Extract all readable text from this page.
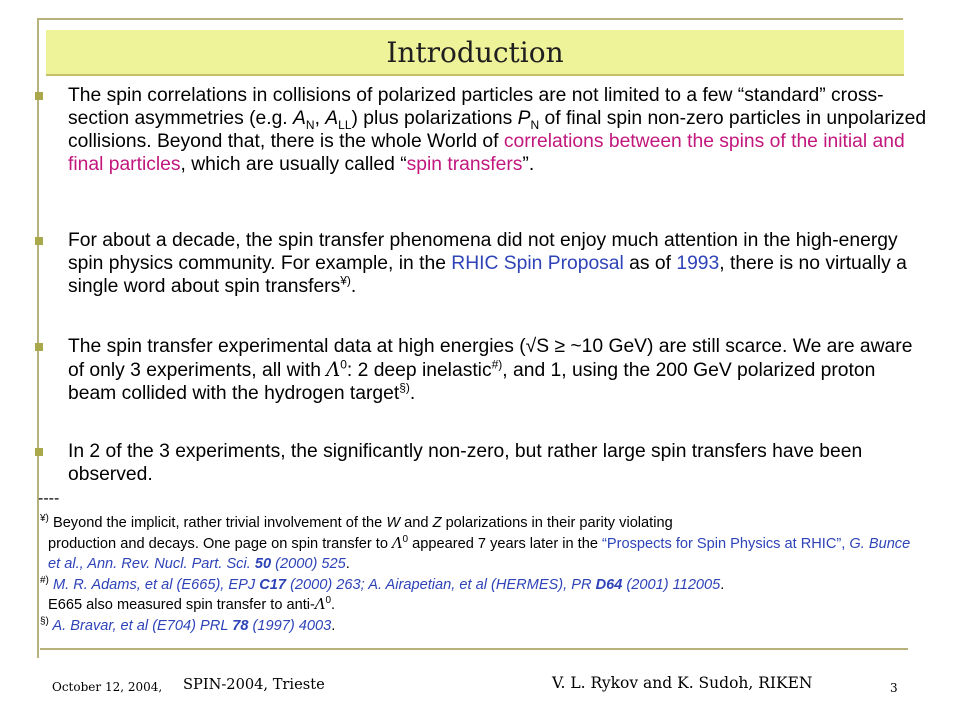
Introduction
The spin correlations in collisions of polarized particles are not limited to a few “standard” cross-section asymmetries (e.g. $A_N$, $A_{LL}$) plus polarizations $P_N$ of final spin non-zero particles in unpolarized collisions. Beyond that, there is the whole World of correlations between the spins of the initial and final particles, which are usually called “spin transfers”.
For about a decade, the spin transfer phenomena did not enjoy much attention in the high-energy spin physics community. For example, in the RHIC Spin Proposal as of 1993, there is no virtually a single word about spin transfers¥).
The spin transfer experimental data at high energies (√S ≥ ~10 GeV) are still scarce. We are aware of only 3 experiments, all with $\Lambda^0$: 2 deep inelastic#), and 1, using the 200 GeV polarized proton beam collided with the hydrogen target§).
In 2 of the 3 experiments, the significantly non-zero, but rather large spin transfers have been observed.

----

¥) Beyond the implicit, rather trivial involvement of the W and Z polarizations in their parity violating

production and decays. One page on spin transfer to $\Lambda^0$ appeared 7 years later in the “Prospects for Spin Physics at RHIC”, G. Bunce et al., Ann. Rev. Nucl. Part. Sci. 50 (2000) 525.

#) M. R. Adams, et al (E665), EPJ C17 (2000) 263; A. Airapetian, et al (HERMES), PR D64 (2001) 112005.

E665 also measured spin transfer to anti-$\Lambda^0$.

§) A. Bravar, et al (E704) PRL 78 (1997) 4003.

October 12, 2004, SPIN-2004, Trieste	V. L. Rykov and K. Sudoh, RIKEN	3
